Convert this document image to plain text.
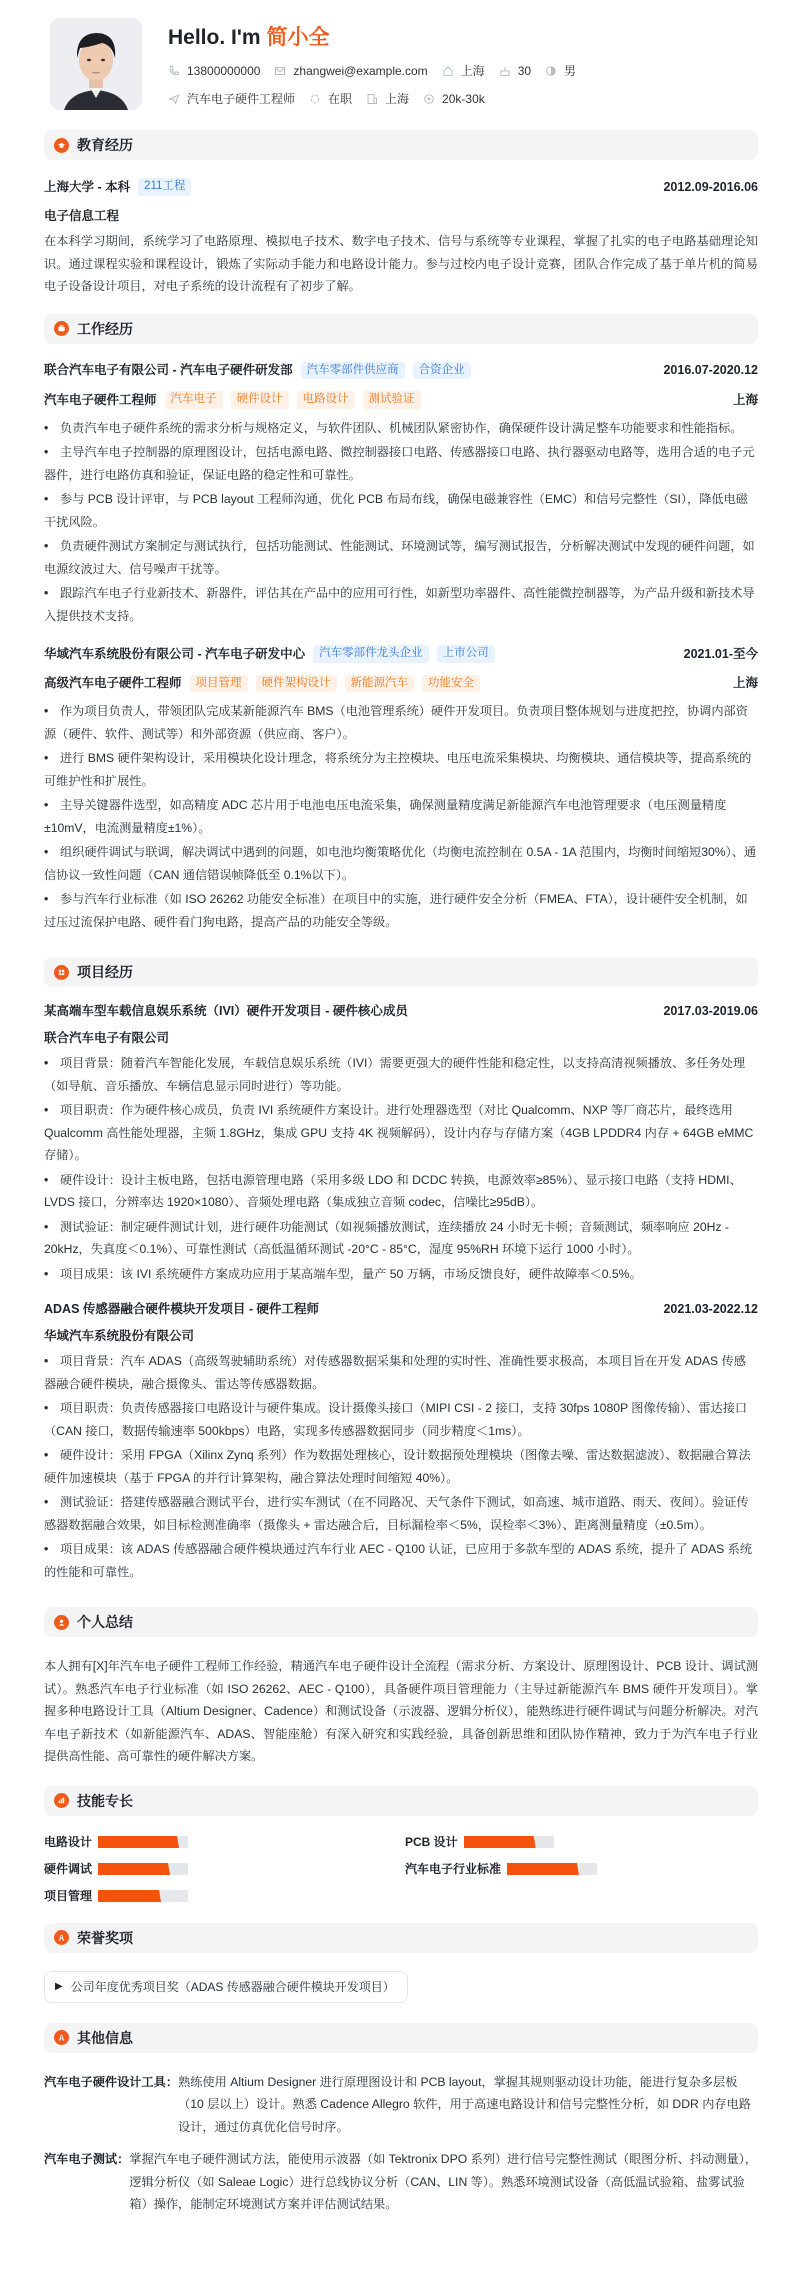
Hello. I'm 简小全
13800000000	zhangwei@example.com	上海	30	男
汽车电子硬件工程师	在职	上海	20k-30k
教育经历
上海大学 - 本科	211工程	2012.09-2016.06
电子信息工程
在本科学习期间，系统学习了电路原理、模拟电子技术、数字电子技术、信号与系统等专业课程，掌握了扎实的电子电路基础理论知识。通过课程实验和课程设计，锻炼了实际动手能力和电路设计能力。参与过校内电子设计竞赛，团队合作完成了基于单片机的简易电子设备设计项目，对电子系统的设计流程有了初步了解。
工作经历
联合汽车电子有限公司 - 汽车电子硬件研发部	汽车零部件供应商	合资企业	2016.07-2020.12
汽车电子硬件工程师	汽车电子	硬件设计	电路设计	测试验证	上海
• 负责汽车电子硬件系统的需求分析与规格定义，与软件团队、机械团队紧密协作，确保硬件设计满足整车功能要求和性能指标。
• 主导汽车电子控制器的原理图设计，包括电源电路、微控制器接口电路、传感器接口电路、执行器驱动电路等，选用合适的电子元器件，进行电路仿真和验证，保证电路的稳定性和可靠性。
• 参与 PCB 设计评审，与 PCB layout 工程师沟通，优化 PCB 布局布线，确保电磁兼容性（EMC）和信号完整性（SI），降低电磁干扰风险。
• 负责硬件测试方案制定与测试执行，包括功能测试、性能测试、环境测试等，编写测试报告，分析解决测试中发现的硬件问题，如电源纹波过大、信号噪声干扰等。
• 跟踪汽车电子行业新技术、新器件，评估其在产品中的应用可行性，如新型功率器件、高性能微控制器等，为产品升级和新技术导入提供技术支持。
华域汽车系统股份有限公司 - 汽车电子研发中心	汽车零部件龙头企业	上市公司	2021.01-至今
高级汽车电子硬件工程师	项目管理	硬件架构设计	新能源汽车	功能安全	上海
• 作为项目负责人，带领团队完成某新能源汽车 BMS（电池管理系统）硬件开发项目。负责项目整体规划与进度把控，协调内部资源（硬件、软件、测试等）和外部资源（供应商、客户）。
• 进行 BMS 硬件架构设计，采用模块化设计理念，将系统分为主控模块、电压电流采集模块、均衡模块、通信模块等，提高系统的可维护性和扩展性。
• 主导关键器件选型，如高精度 ADC 芯片用于电池电压电流采集，确保测量精度满足新能源汽车电池管理要求（电压测量精度±10mV，电流测量精度±1%）。
• 组织硬件调试与联调，解决调试中遇到的问题，如电池均衡策略优化（均衡电流控制在 0.5A - 1A 范围内，均衡时间缩短30%）、通信协议一致性问题（CAN 通信错误帧降低至 0.1%以下）。
• 参与汽车行业标准（如 ISO 26262 功能安全标准）在项目中的实施，进行硬件安全分析（FMEA、FTA），设计硬件安全机制，如过压过流保护电路、硬件看门狗电路，提高产品的功能安全等级。
项目经历
某高端车型车载信息娱乐系统（IVI）硬件开发项目 - 硬件核心成员	2017.03-2019.06
联合汽车电子有限公司
• 项目背景：随着汽车智能化发展，车载信息娱乐系统（IVI）需要更强大的硬件性能和稳定性，以支持高清视频播放、多任务处理（如导航、音乐播放、车辆信息显示同时进行）等功能。
• 项目职责：作为硬件核心成员，负责 IVI 系统硬件方案设计。进行处理器选型（对比 Qualcomm、NXP 等厂商芯片，最终选用 Qualcomm 高性能处理器，主频 1.8GHz，集成 GPU 支持 4K 视频解码），设计内存与存储方案（4GB LPDDR4 内存 + 64GB eMMC 存储）。
• 硬件设计：设计主板电路，包括电源管理电路（采用多级 LDO 和 DCDC 转换，电源效率≥85%）、显示接口电路（支持 HDMI、LVDS 接口，分辨率达 1920×1080）、音频处理电路（集成独立音频 codec，信噪比≥95dB）。
• 测试验证：制定硬件测试计划，进行硬件功能测试（如视频播放测试，连续播放 24 小时无卡顿；音频测试，频率响应 20Hz - 20kHz，失真度＜0.1%）、可靠性测试（高低温循环测试 -20°C - 85°C，湿度 95%RH 环境下运行 1000 小时）。
• 项目成果：该 IVI 系统硬件方案成功应用于某高端车型，量产 50 万辆，市场反馈良好，硬件故障率＜0.5%。
ADAS 传感器融合硬件模块开发项目 - 硬件工程师	2021.03-2022.12
华域汽车系统股份有限公司
• 项目背景：汽车 ADAS（高级驾驶辅助系统）对传感器数据采集和处理的实时性、准确性要求极高，本项目旨在开发 ADAS 传感器融合硬件模块，融合摄像头、雷达等传感器数据。
• 项目职责：负责传感器接口电路设计与硬件集成。设计摄像头接口（MIPI CSI - 2 接口，支持 30fps 1080P 图像传输）、雷达接口（CAN 接口，数据传输速率 500kbps）电路，实现多传感器数据同步（同步精度＜1ms）。
• 硬件设计：采用 FPGA（Xilinx Zynq 系列）作为数据处理核心，设计数据预处理模块（图像去噪、雷达数据滤波）、数据融合算法硬件加速模块（基于 FPGA 的并行计算架构，融合算法处理时间缩短 40%）。
• 测试验证：搭建传感器融合测试平台，进行实车测试（在不同路况、天气条件下测试，如高速、城市道路、雨天、夜间）。验证传感器数据融合效果，如目标检测准确率（摄像头 + 雷达融合后，目标漏检率＜5%，误检率＜3%）、距离测量精度（±0.5m）。
• 项目成果：该 ADAS 传感器融合硬件模块通过汽车行业 AEC - Q100 认证，已应用于多款车型的 ADAS 系统，提升了 ADAS 系统的性能和可靠性。
个人总结
本人拥有[X]年汽车电子硬件工程师工作经验，精通汽车电子硬件设计全流程（需求分析、方案设计、原理图设计、PCB 设计、调试测试）。熟悉汽车电子行业标准（如 ISO 26262、AEC - Q100），具备硬件项目管理能力（主导过新能源汽车 BMS 硬件开发项目）。掌握多种电路设计工具（Altium Designer、Cadence）和测试设备（示波器、逻辑分析仪），能熟练进行硬件调试与问题分析解决。对汽车电子新技术（如新能源汽车、ADAS、智能座舱）有深入研究和实践经验，具备创新思维和团队协作精神，致力于为汽车电子行业提供高性能、高可靠性的硬件解决方案。
技能专长
电路设计	PCB 设计
硬件调试	汽车电子行业标准
项目管理
荣誉奖项
▶ 公司年度优秀项目奖（ADAS 传感器融合硬件模块开发项目）
其他信息
汽车电子硬件设计工具： 熟练使用 Altium Designer 进行原理图设计和 PCB layout，掌握其规则驱动设计功能，能进行复杂多层板（10 层以上）设计。熟悉 Cadence Allegro 软件，用于高速电路设计和信号完整性分析，如 DDR 内存电路设计，通过仿真优化信号时序。
汽车电子测试： 掌握汽车电子硬件测试方法，能使用示波器（如 Tektronix DPO 系列）进行信号完整性测试（眼图分析、抖动测量），逻辑分析仪（如 Saleae Logic）进行总线协议分析（CAN、LIN 等）。熟悉环境测试设备（高低温试验箱、盐雾试验箱）操作，能制定环境测试方案并评估测试结果。
